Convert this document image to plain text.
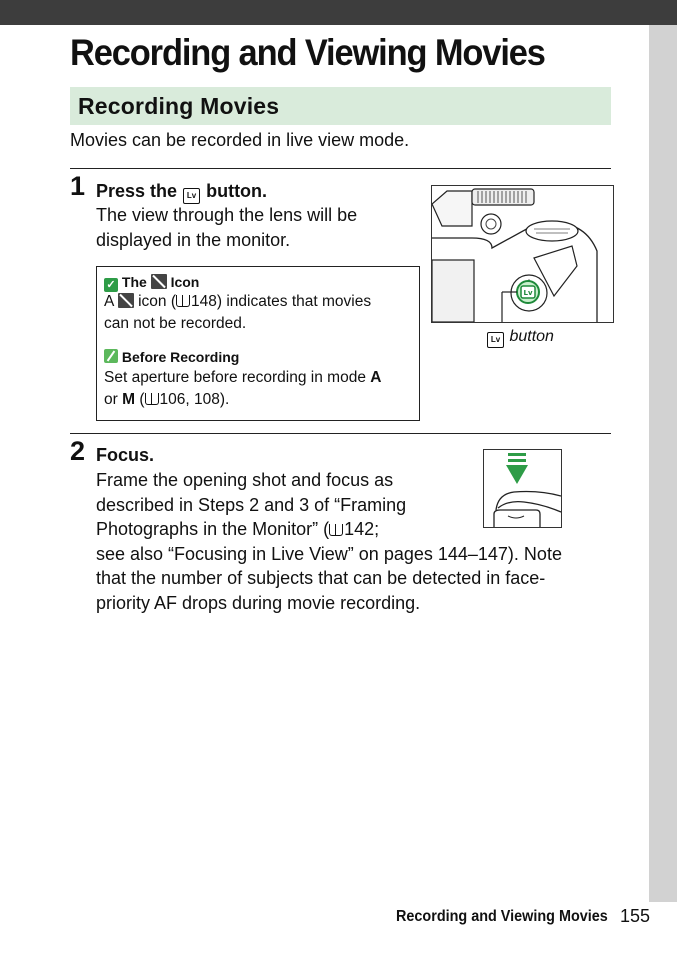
Recording and Viewing Movies
Recording Movies
Movies can be recorded in live view mode.
1 Press the Lv button.
The view through the lens will be
displayed in the monitor.
✓ The Icon
A icon ( 148) indicates that movies
can not be recorded.
Before Recording
Set aperture before recording in mode A
or M ( 106, 108).
Lv
Lv button
2 Focus.
Frame the opening shot and focus as
described in Steps 2 and 3 of “Framing
Photographs in the Monitor” ( 142;
see also “Focusing in Live View” on pages 144–147). Note
that the number of subjects that can be detected in face-
priority AF drops during movie recording.
Recording and Viewing Movies 155
